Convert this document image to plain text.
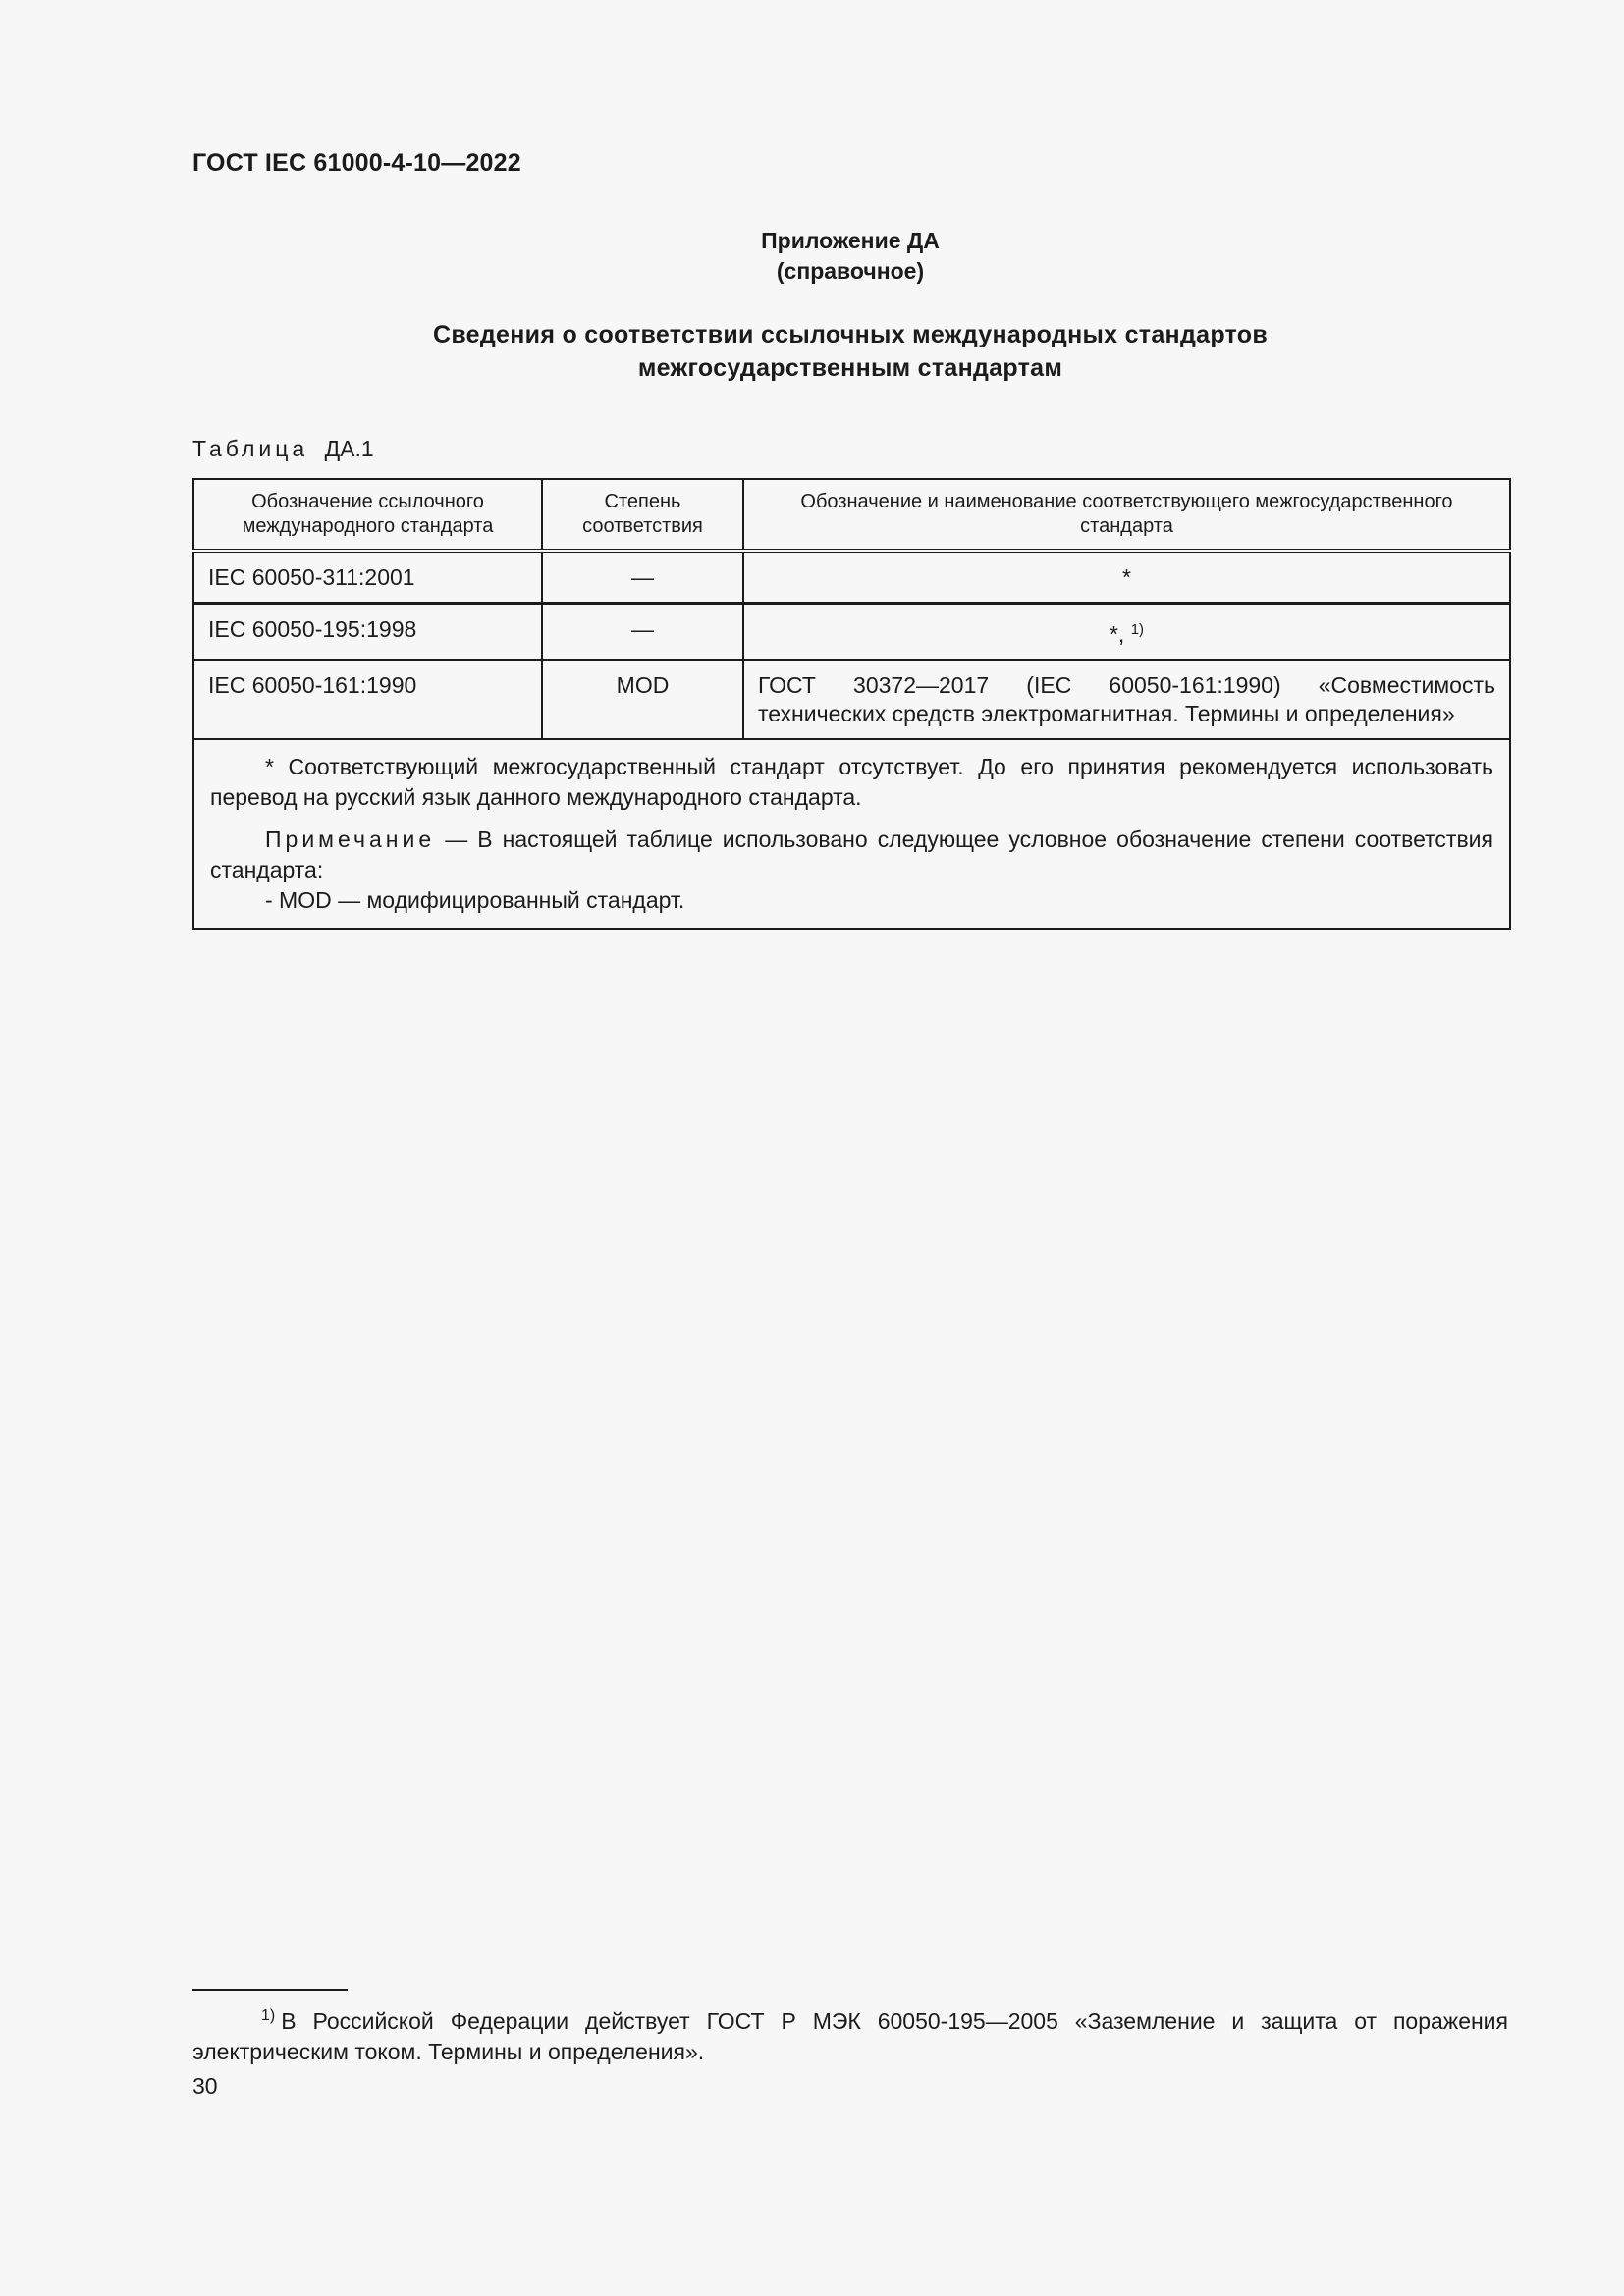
ГОСТ IEC 61000-4-10—2022
Приложение ДА
(справочное)
Сведения о соответствии ссылочных международных стандартов
межгосударственным стандартам
Таблица ДА.1
Обозначение ссылочного международного стандарта	Степень соответствия	Обозначение и наименование соответствующего межгосударственного стандарта
IEC 60050-311:2001	—	*
IEC 60050-195:1998	—	*, $^{1)}$
IEC 60050-161:1990	MOD	ГОСТ 30372—2017 (IEC 60050-161:1990) «Совместимость технических средств электромагнитная. Термины и определения»

* Соответствующий межгосударственный стандарт отсутствует. До его принятия рекомендуется использовать перевод на русский язык данного международного стандарта.

Примечание — В настоящей таблице использовано следующее условное обозначение степени соответствия стандарта:

- MOD — модифицированный стандарт.		

$^{1)}$ В Российской Федерации действует ГОСТ Р МЭК 60050-195—2005 «Заземление и защита от поражения электрическим током. Термины и определения».
30
